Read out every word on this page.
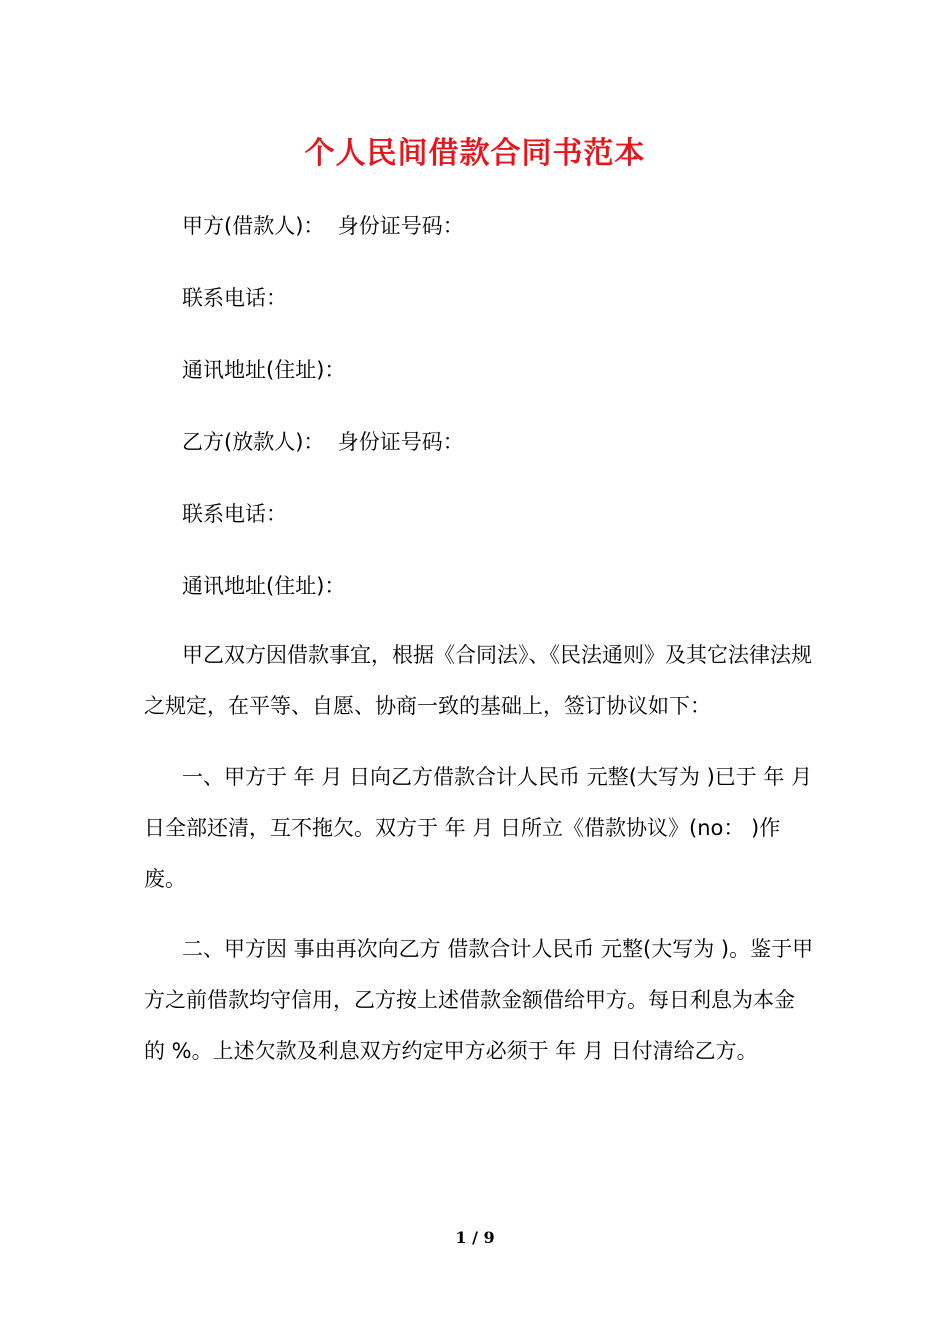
个人民间借款合同书范本
甲方(借款人)：  身份证号码：
联系电话：
通讯地址(住址)：
乙方(放款人)：  身份证号码：
联系电话：
通讯地址(住址)：

甲乙双方因借款事宜，根据《合同法》、《民法通则》及其它法律法规之规定，在平等、自愿、协商一致的基础上，签订协议如下：

一、甲方于 年 月 日向乙方借款合计人民币 元整(大写为 )已于 年 月 日全部还清，互不拖欠。双方于 年 月 日所立《借款协议》(no： )作废。

二、甲方因 事由再次向乙方 借款合计人民币 元整(大写为 )。鉴于甲方之前借款均守信用，乙方按上述借款金额借给甲方。每日利息为本金的 %。上述欠款及利息双方约定甲方必须于 年 月 日付清给乙方。

1 / 9
